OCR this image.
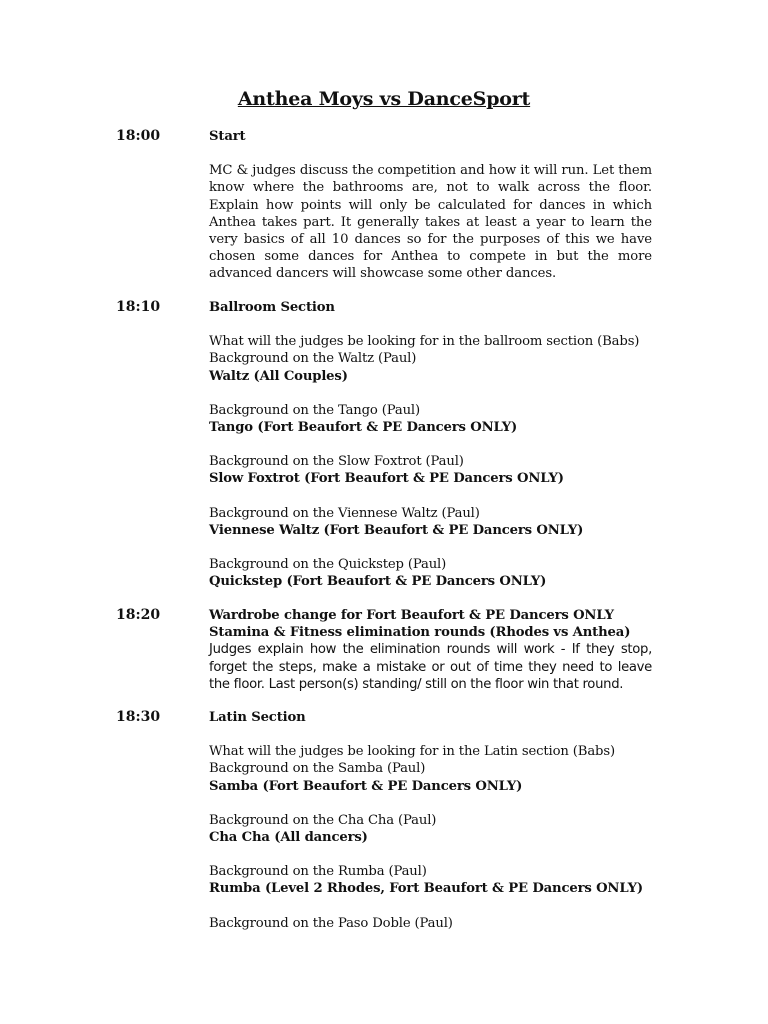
Anthea Moys vs DanceSport
18:00	Start
MC & judges discuss the competition and how it will run. Let them know where the bathrooms are, not to walk across the floor. Explain how points will only be calculated for dances in which Anthea takes part. It generally takes at least a year to learn the very basics of all 10 dances so for the purposes of this we have chosen some dances for Anthea to compete in but the more advanced dancers will showcase some other dances.
18:10	Ballroom Section
What will the judges be looking for in the ballroom section (Babs)
Background on the Waltz (Paul)
Waltz (All Couples)
Background on the Tango (Paul)
Tango (Fort Beaufort & PE Dancers ONLY)
Background on the Slow Foxtrot (Paul)
Slow Foxtrot (Fort Beaufort & PE Dancers ONLY)
Background on the Viennese Waltz (Paul)
Viennese Waltz (Fort Beaufort & PE Dancers ONLY)
Background on the Quickstep (Paul)
Quickstep (Fort Beaufort & PE Dancers ONLY)
18:20	Wardrobe change for Fort Beaufort & PE Dancers ONLY
Stamina & Fitness elimination rounds (Rhodes vs Anthea)
Judges explain how the elimination rounds will work - If they stop, forget the steps, make a mistake or out of time they need to leave the floor. Last person(s) standing/ still on the floor win that round.
18:30	Latin Section
What will the judges be looking for in the Latin section (Babs)
Background on the Samba (Paul)
Samba (Fort Beaufort & PE Dancers ONLY)
Background on the Cha Cha (Paul)
Cha Cha (All dancers)
Background on the Rumba (Paul)
Rumba (Level 2 Rhodes, Fort Beaufort & PE Dancers ONLY)
Background on the Paso Doble (Paul)
